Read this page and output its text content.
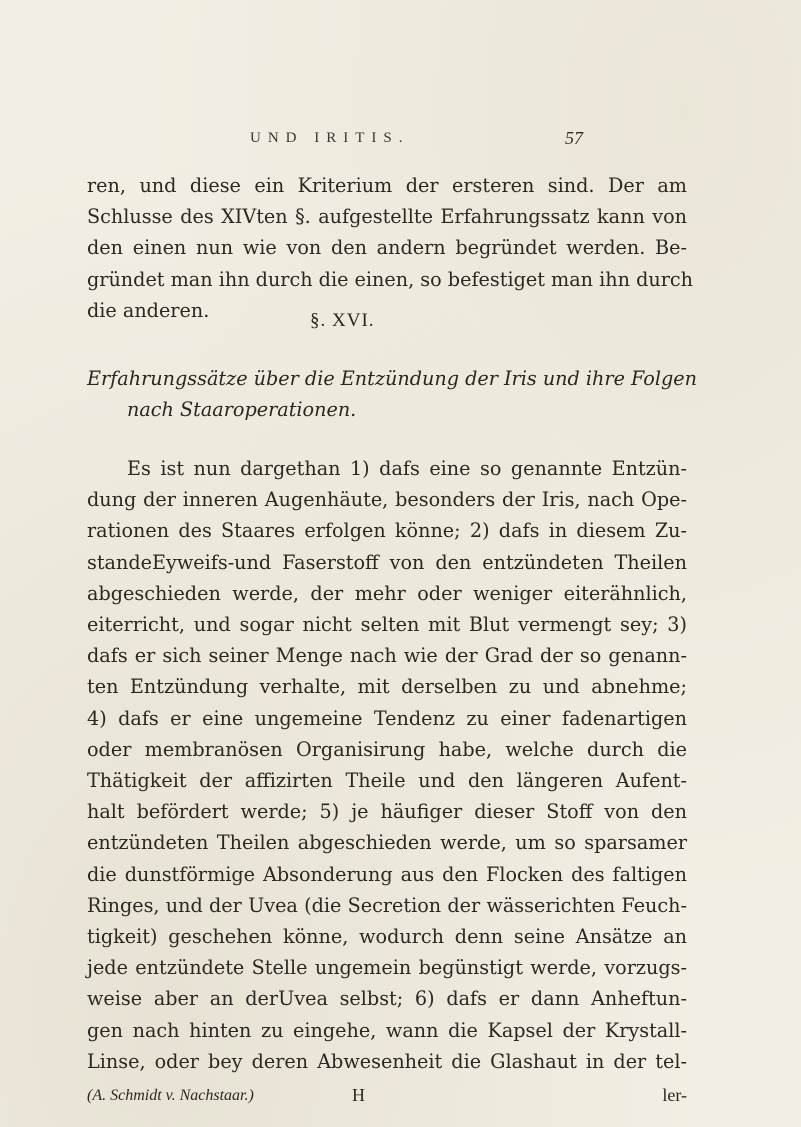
UND IRITIS.	57
ren, und diese ein Kriterium der ersteren sind. Der am
Schlusse des XIVten §. aufgestellte Erfahrungssatz kann von
den einen nun wie von den andern begründet werden. Be-
gründet man ihn durch die einen, so befestiget man ihn durch
die anderen.	§. XVI.
Erfahrungssätze über die Entzündung der Iris und ihre Folgen
nach Staaroperationen.
Es ist nun dargethan 1) dafs eine so genannte Entzün-
dung der inneren Augenhäute, besonders der Iris, nach Ope-
rationen des Staares erfolgen könne; 2) dafs in diesem Zu-
standeEyweifs-und Faserstoff von den entzündeten Theilen
abgeschieden werde, der mehr oder weniger eiterähnlich,
eiterricht, und sogar nicht selten mit Blut vermengt sey; 3)
dafs er sich seiner Menge nach wie der Grad der so genann-
ten Entzündung verhalte, mit derselben zu und abnehme;
4) dafs er eine ungemeine Tendenz zu einer fadenartigen
oder membranösen Organisirung habe, welche durch die
Thätigkeit der affizirten Theile und den längeren Aufent-
halt befördert werde; 5) je häufiger dieser Stoff von den
entzündeten Theilen abgeschieden werde, um so sparsamer
die dunstförmige Absonderung aus den Flocken des faltigen
Ringes, und der Uvea (die Secretion der wässerichten Feuch-
tigkeit) geschehen könne, wodurch denn seine Ansätze an
jede entzündete Stelle ungemein begünstigt werde, vorzugs-
weise aber an derUvea selbst; 6) dafs er dann Anheftun-
gen nach hinten zu eingehe, wann die Kapsel der Krystall-
Linse, oder bey deren Abwesenheit die Glashaut in der tel-
(A. Schmidt v. Nachstaar.)	H	ler-
